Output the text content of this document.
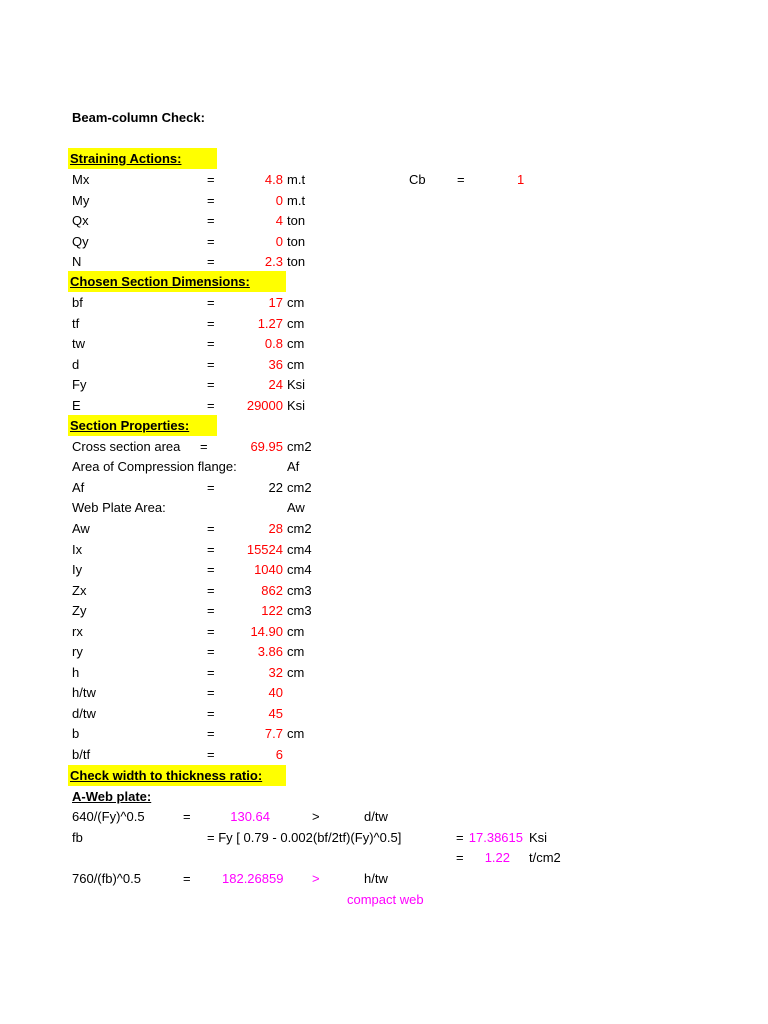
Beam-column Check:
Straining Actions:
Mx	=	4.8 m.t
My	=	0 m.t
Qx	=	4 ton
Qy	=	0 ton
N	=	2.3 ton
Cb =	1
Chosen Section Dimensions:
bf	=	17 cm
tf	=	1.27 cm
tw	=	0.8 cm
d	=	36 cm
Fy	=	24 Ksi
E	=	29000 Ksi
Section Properties:
Cross section area =	69.95 cm2
Area of Compression flange:	Af
Af	=	22 cm2
Web Plate Area:	Aw
Aw	=	28 cm2
Ix	=	15524 cm4
Iy	=	1040 cm4
Zx	=	862 cm3
Zy	=	122 cm3
rx	=	14.90 cm
ry	=	3.86 cm
h	=	32 cm
h/tw	=	40
d/tw	=	45
b	=	7.7 cm
b/tf	=	6
Check width to thickness ratio:
A-Web plate:
640/(Fy)^0.5	=	130.64	>	d/tw
fb	= Fy [ 0.79 - 0.002(bf/2tf)(Fy)^0.5]	= 17.38615 Ksi
=	1.22 t/cm2
760/(fb)^0.5	= 182.26859 >	h/tw
compact web
